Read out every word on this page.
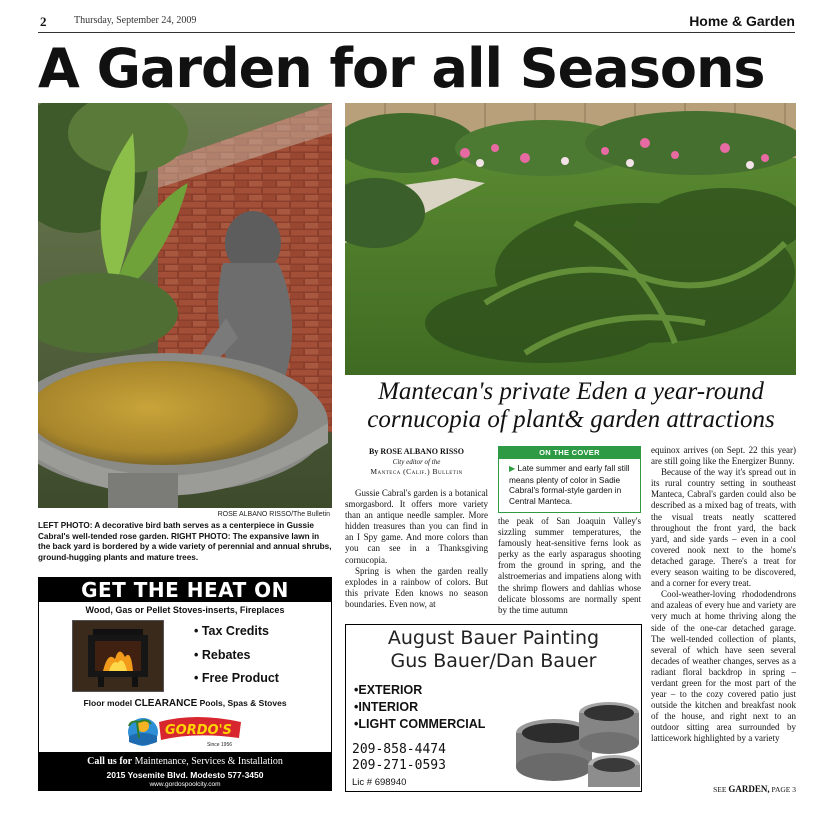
2	Thursday, September 24, 2009	Home & Garden
A Garden for all Seasons
ROSE ALBANO RISSO/The Bulletin
LEFT PHOTO: A decorative bird bath serves as a centerpiece in Gussie Cabral's well-tended rose garden. RIGHT PHOTO: The expansive lawn in the back yard is bordered by a wide variety of perennial and annual shrubs, ground-hugging plants and mature trees.
Mantecan's private Eden a year-round cornucopia of plant& garden attractions
By ROSE ALBANO RISSO
City editor of the
Manteca (Calif.) Bulletin

Gussie Cabral's garden is a botanical smorgasbord. It offers more variety than an antique needle sampler. More hidden treasures than you can find in an I Spy game. And more colors than you can see in a Thanksgiving cornucopia.

Spring is when the garden really explodes in a rainbow of colors. But this private Eden knows no season boundaries. Even now, at

ON THE COVER
▶ Late summer and early fall still means plenty of color in Sadie Cabral's formal-style garden in Central Manteca.

the peak of San Joaquin Valley's sizzling summer temperatures, the famously heat-sensitive ferns look as perky as the early asparagus shooting from the ground in spring, and the alstroemerias and impatiens along with the shrimp flowers and dahlias whose delicate blossoms are normally spent by the time autumn

equinox arrives (on Sept. 22 this year) are still going like the Energizer Bunny.

Because of the way it's spread out in its rural country setting in southeast Manteca, Cabral's garden could also be described as a mixed bag of treats, with the visual treats neatly scattered throughout the front yard, the back yard, and side yards – even in a cool covered nook next to the home's detached garage. There's a treat for every season waiting to be discovered, and a corner for every treat.

Cool-weather-loving rhododendrons and azaleas of every hue and variety are very much at home thriving along the side of the one-car detached garage. The well-tended collection of plants, several of which have seen several decades of weather changes, serves as a radiant floral backdrop in spring – verdant green for the most part of the year – to the cozy covered patio just outside the kitchen and breakfast nook of the house, and right next to an outdoor sitting area surrounded by latticework highlighted by a variety

SEE GARDEN, PAGE 3
GET THE HEAT ON
Wood, Gas or Pellet Stoves-inserts, Fireplaces
• Tax Credits
• Rebates
• Free Product
Floor model CLEARANCE Pools, Spas & Stoves
GORDO'S
Since 1956
Call us for Maintenance, Services & Installation
2015 Yosemite Blvd. Modesto 577-3450
www.gordospoolcity.com
August Bauer Painting
Gus Bauer/Dan Bauer
•EXTERIOR
•INTERIOR
•LIGHT COMMERCIAL
209-858-4474
209-271-0593
Lic # 698940
